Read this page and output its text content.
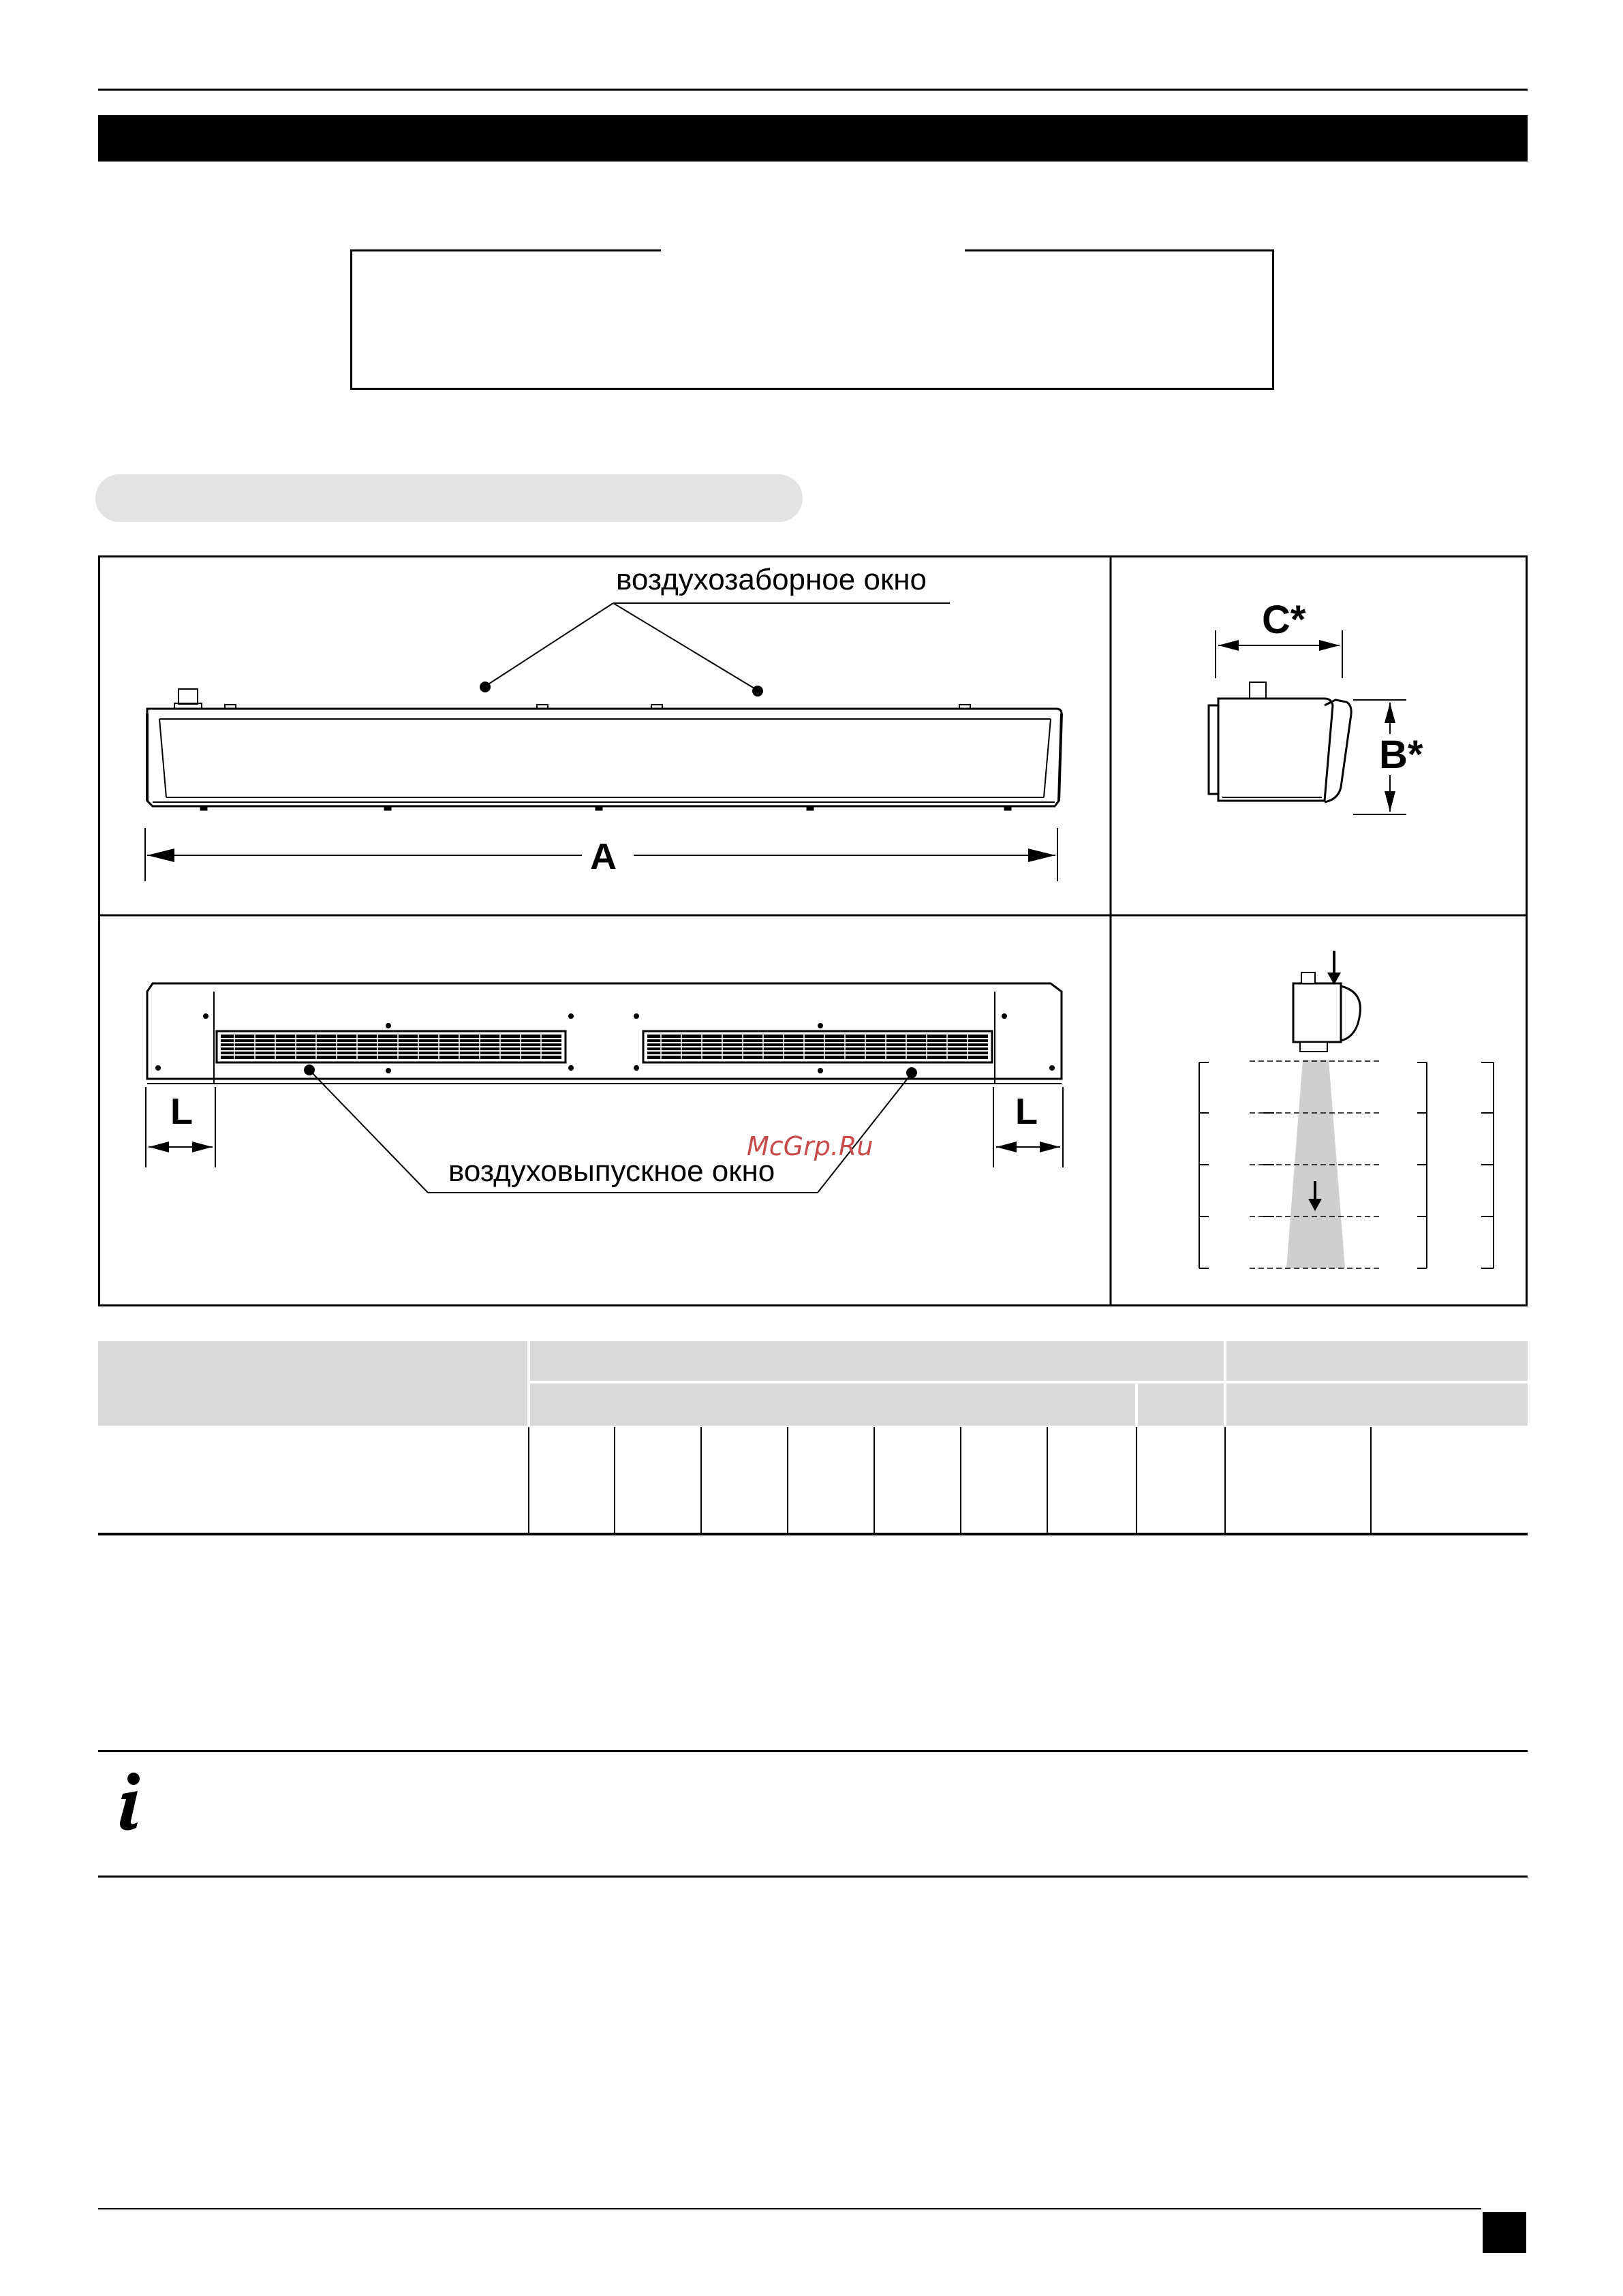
воздухозаборное окно
воздуховыпускное окно
A
C*
B*
L	L
McGrp.Ru
